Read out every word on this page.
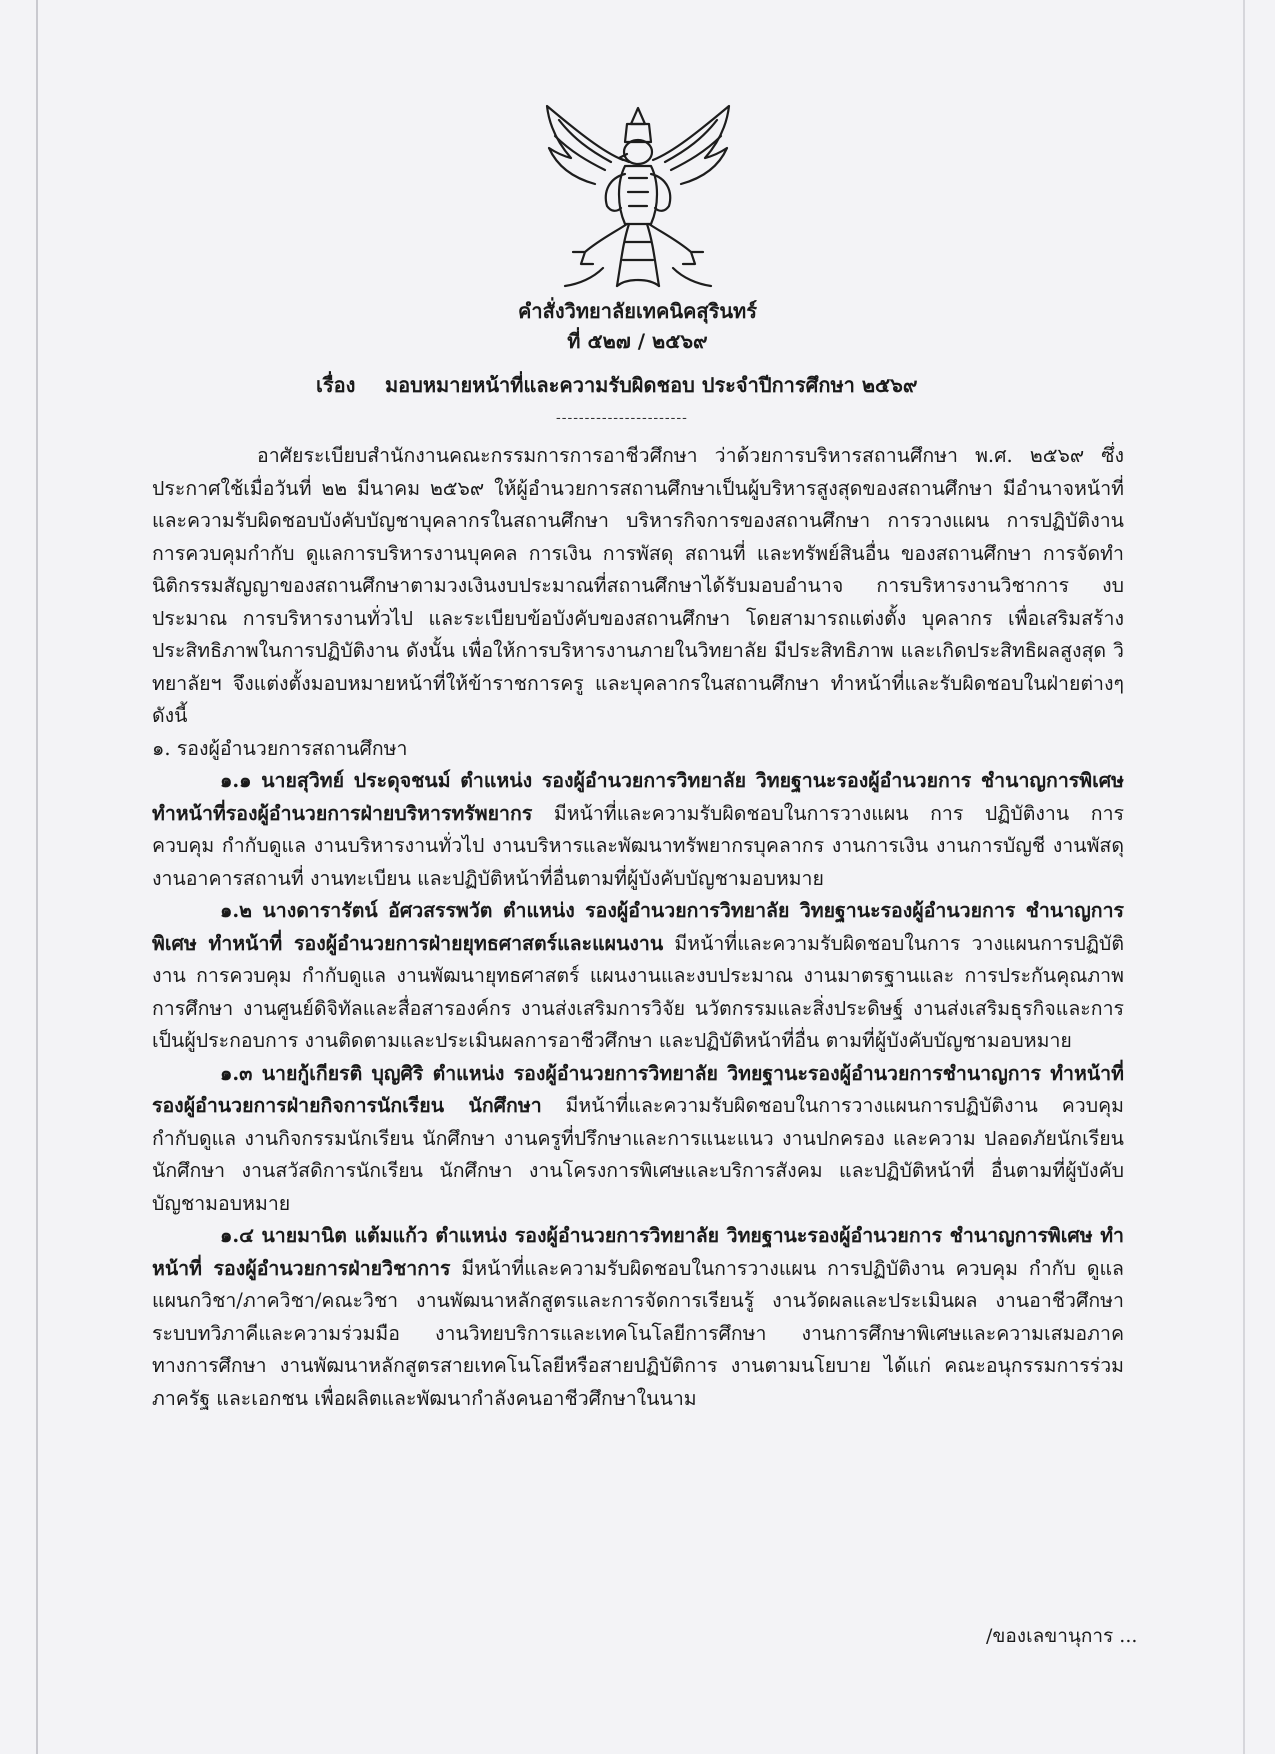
คำสั่งวิทยาลัยเทคนิคสุรินทร์
ที่ ๕๒๗ / ๒๕๖๙
เรื่อง มอบหมายหน้าที่และความรับผิดชอบ ประจำปีการศึกษา ๒๕๖๙
-----------------------

อาศัยระเบียบสำนักงานคณะกรรมการการอาชีวศึกษา ว่าด้วยการบริหารสถานศึกษา พ.ศ. ๒๕๖๙ ซึ่งประกาศใช้เมื่อวันที่ ๒๒ มีนาคม ๒๕๖๙ ให้ผู้อำนวยการสถานศึกษาเป็นผู้บริหารสูงสุดของสถานศึกษา มีอำนาจหน้าที่และความรับผิดชอบบังคับบัญชาบุคลากรในสถานศึกษา บริหารกิจการของสถานศึกษา การวางแผน การปฏิบัติงาน การควบคุมกำกับ ดูแลการบริหารงานบุคคล การเงิน การพัสดุ สถานที่ และทรัพย์สินอื่น ของสถานศึกษา การจัดทำนิติกรรมสัญญาของสถานศึกษาตามวงเงินงบประมาณที่สถานศึกษาได้รับมอบอำนาจ การบริหารงานวิชาการ งบประมาณ การบริหารงานทั่วไป และระเบียบข้อบังคับของสถานศึกษา โดยสามารถแต่งตั้ง บุคลากร เพื่อเสริมสร้างประสิทธิภาพในการปฏิบัติงาน ดังนั้น เพื่อให้การบริหารงานภายในวิทยาลัย มีประสิทธิภาพ และเกิดประสิทธิผลสูงสุด วิทยาลัยฯ จึงแต่งตั้งมอบหมายหน้าที่ให้ข้าราชการครู และบุคลากรในสถานศึกษา ทำหน้าที่และรับผิดชอบในฝ่ายต่างๆ ดังนี้

๑. รองผู้อำนวยการสถานศึกษา

๑.๑ นายสุวิทย์ ประดุจชนม์ ตำแหน่ง รองผู้อำนวยการวิทยาลัย วิทยฐานะรองผู้อำนวยการ ชำนาญการพิเศษ ทำหน้าที่รองผู้อำนวยการฝ่ายบริหารทรัพยากร มีหน้าที่และความรับผิดชอบในการวางแผน การ ปฏิบัติงาน การควบคุม กำกับดูแล งานบริหารงานทั่วไป งานบริหารและพัฒนาทรัพยากรบุคลากร งานการเงิน งานการบัญชี งานพัสดุ งานอาคารสถานที่ งานทะเบียน และปฏิบัติหน้าที่อื่นตามที่ผู้บังคับบัญชามอบหมาย

๑.๒ นางดารารัตน์ อัศวสรรพวัต ตำแหน่ง รองผู้อำนวยการวิทยาลัย วิทยฐานะรองผู้อำนวยการ ชำนาญการพิเศษ ทำหน้าที่ รองผู้อำนวยการฝ่ายยุทธศาสตร์และแผนงาน มีหน้าที่และความรับผิดชอบในการ วางแผนการปฏิบัติงาน การควบคุม กำกับดูแล งานพัฒนายุทธศาสตร์ แผนงานและงบประมาณ งานมาตรฐานและ การประกันคุณภาพการศึกษา งานศูนย์ดิจิทัลและสื่อสารองค์กร งานส่งเสริมการวิจัย นวัตกรรมและสิ่งประดิษฐ์ งานส่งเสริมธุรกิจและการเป็นผู้ประกอบการ งานติดตามและประเมินผลการอาชีวศึกษา และปฏิบัติหน้าที่อื่น ตามที่ผู้บังคับบัญชามอบหมาย

๑.๓ นายกู้เกียรติ บุญศิริ ตำแหน่ง รองผู้อำนวยการวิทยาลัย วิทยฐานะรองผู้อำนวยการชำนาญการ ทำหน้าที่ รองผู้อำนวยการฝ่ายกิจการนักเรียน นักศึกษา มีหน้าที่และความรับผิดชอบในการวางแผนการปฏิบัติงาน ควบคุม กำกับดูแล งานกิจกรรมนักเรียน นักศึกษา งานครูที่ปรึกษาและการแนะแนว งานปกครอง และความ ปลอดภัยนักเรียน นักศึกษา งานสวัสดิการนักเรียน นักศึกษา งานโครงการพิเศษและบริการสังคม และปฏิบัติหน้าที่ อื่นตามที่ผู้บังคับบัญชามอบหมาย

๑.๔ นายมานิต แต้มแก้ว ตำแหน่ง รองผู้อำนวยการวิทยาลัย วิทยฐานะรองผู้อำนวยการ ชำนาญการพิเศษ ทำหน้าที่ รองผู้อำนวยการฝ่ายวิชาการ มีหน้าที่และความรับผิดชอบในการวางแผน การปฏิบัติงาน ควบคุม กำกับ ดูแล แผนกวิชา/ภาควิชา/คณะวิชา งานพัฒนาหลักสูตรและการจัดการเรียนรู้ งานวัดผลและประเมินผล งานอาชีวศึกษาระบบทวิภาคีและความร่วมมือ งานวิทยบริการและเทคโนโลยีการศึกษา งานการศึกษาพิเศษและความเสมอภาคทางการศึกษา งานพัฒนาหลักสูตรสายเทคโนโลยีหรือสายปฏิบัติการ งานตามนโยบาย ได้แก่ คณะอนุกรรมการร่วมภาครัฐ และเอกชน เพื่อผลิตและพัฒนากำลังคนอาชีวศึกษาในนาม

/ของเลขานุการ ...
